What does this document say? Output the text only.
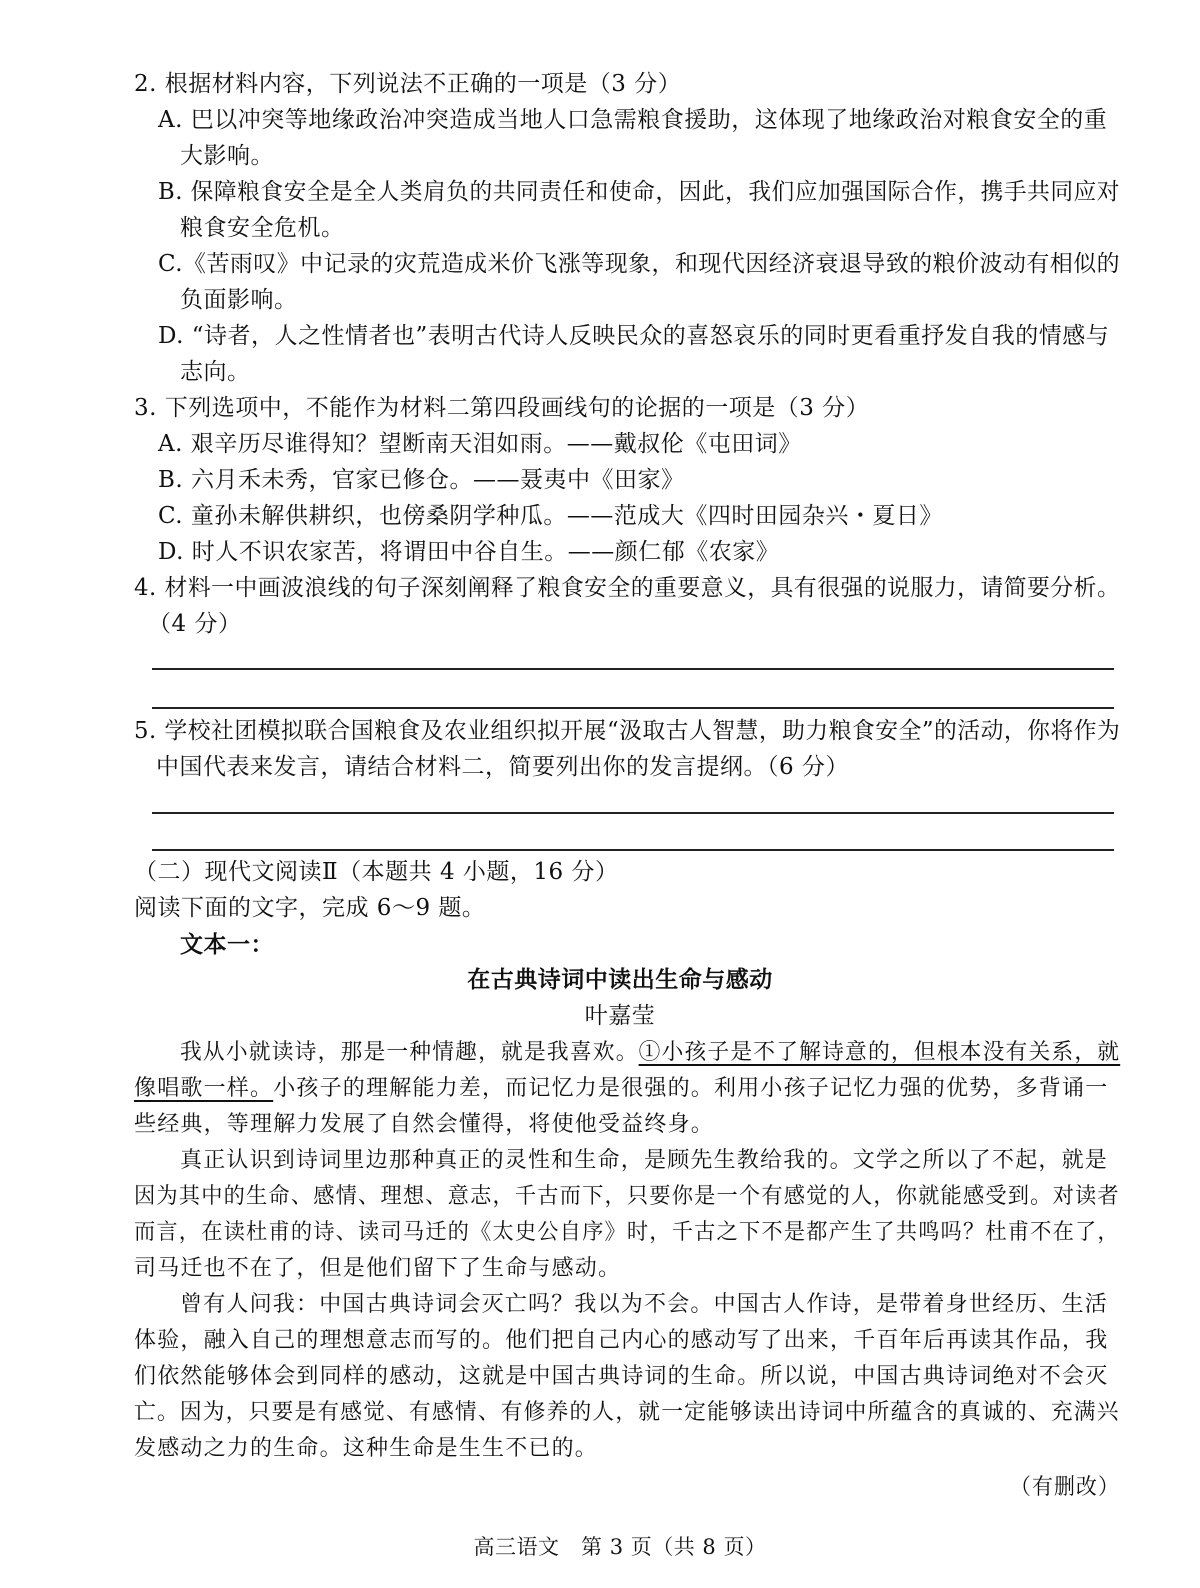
2. 根据材料内容，下列说法不正确的一项是（3 分）
A. 巴以冲突等地缘政治冲突造成当地人口急需粮食援助，这体现了地缘政治对粮食安全的重
大影响。
B. 保障粮食安全是全人类肩负的共同责任和使命，因此，我们应加强国际合作，携手共同应对
粮食安全危机。
C.《苦雨叹》中记录的灾荒造成米价飞涨等现象，和现代因经济衰退导致的粮价波动有相似的
负面影响。
D. “诗者，人之性情者也”表明古代诗人反映民众的喜怒哀乐的同时更看重抒发自我的情感与
志向。
3. 下列选项中，不能作为材料二第四段画线句的论据的一项是（3 分）
A. 艰辛历尽谁得知？望断南天泪如雨。——戴叔伦《屯田词》
B. 六月禾未秀，官家已修仓。——聂夷中《田家》
C. 童孙未解供耕织，也傍桑阴学种瓜。——范成大《四时田园杂兴・夏日》
D. 时人不识农家苦，将谓田中谷自生。——颜仁郁《农家》
4. 材料一中画波浪线的句子深刻阐释了粮食安全的重要意义，具有很强的说服力，请简要分析。
（4 分）
5. 学校社团模拟联合国粮食及农业组织拟开展“汲取古人智慧，助力粮食安全”的活动，你将作为
中国代表来发言，请结合材料二，简要列出你的发言提纲。（6 分）
（二）现代文阅读Ⅱ（本题共 4 小题，16 分）
阅读下面的文字，完成 6～9 题。
文本一：
在古典诗词中读出生命与感动
叶嘉莹
我从小就读诗，那是一种情趣，就是我喜欢。①小孩子是不了解诗意的，但根本没有关系，就
像唱歌一样。小孩子的理解能力差，而记忆力是很强的。利用小孩子记忆力强的优势，多背诵一
些经典，等理解力发展了自然会懂得，将使他受益终身。
真正认识到诗词里边那种真正的灵性和生命，是顾先生教给我的。文学之所以了不起，就是
因为其中的生命、感情、理想、意志，千古而下，只要你是一个有感觉的人，你就能感受到。对读者
而言，在读杜甫的诗、读司马迁的《太史公自序》时，千古之下不是都产生了共鸣吗？杜甫不在了，
司马迁也不在了，但是他们留下了生命与感动。
曾有人问我：中国古典诗词会灭亡吗？我以为不会。中国古人作诗，是带着身世经历、生活
体验，融入自己的理想意志而写的。他们把自己内心的感动写了出来，千百年后再读其作品，我
们依然能够体会到同样的感动，这就是中国古典诗词的生命。所以说，中国古典诗词绝对不会灭
亡。因为，只要是有感觉、有感情、有修养的人，就一定能够读出诗词中所蕴含的真诚的、充满兴
发感动之力的生命。这种生命是生生不已的。
（有删改）
高三语文　第 3 页（共 8 页）
